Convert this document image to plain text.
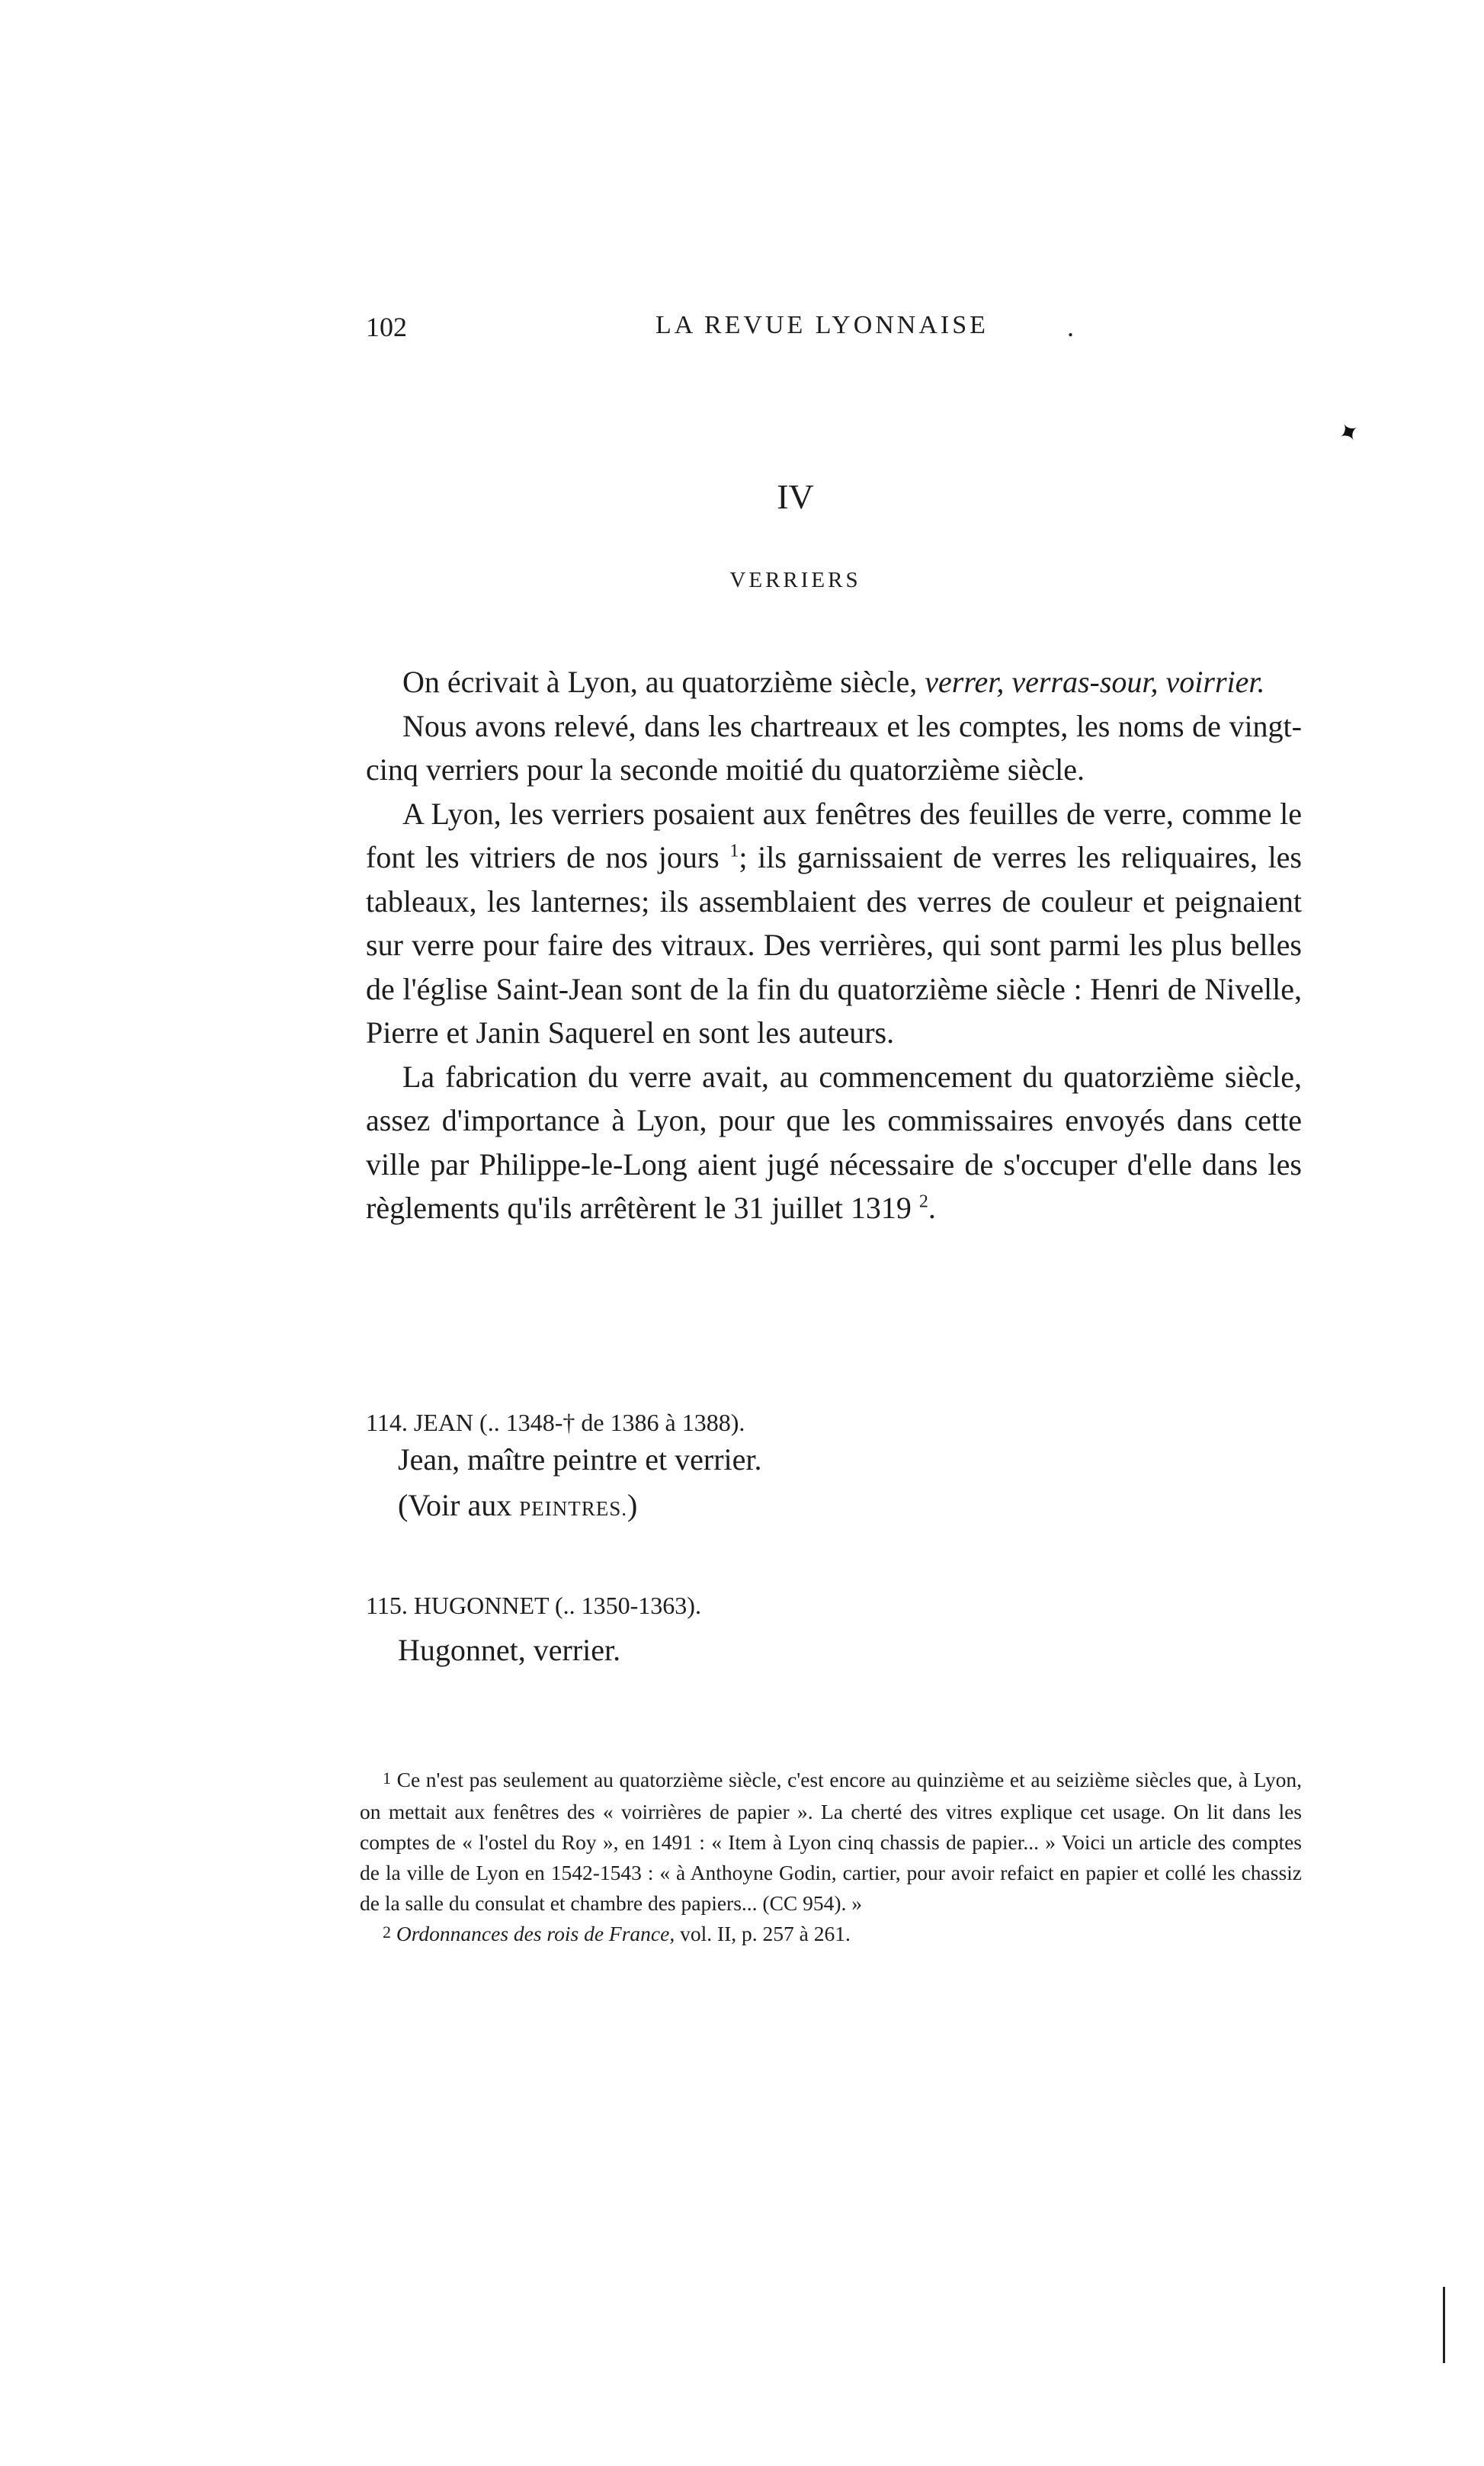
102	LA REVUE LYONNAISE	.
✦
IV
VERRIERS

On écrivait à Lyon, au quatorzième siècle, verrer, verras-sour, voirrier.

Nous avons relevé, dans les chartreaux et les comptes, les noms de vingt-cinq verriers pour la seconde moitié du quatorzième siècle.

A Lyon, les verriers posaient aux fenêtres des feuilles de verre, comme le font les vitriers de nos jours $^1$; ils garnissaient de verres les reliquaires, les tableaux, les lanternes; ils assemblaient des verres de couleur et peignaient sur verre pour faire des vitraux. Des verrières, qui sont parmi les plus belles de l'église Saint-Jean sont de la fin du quatorzième siècle : Henri de Nivelle, Pierre et Janin Saquerel en sont les auteurs.

La fabrication du verre avait, au commencement du quatorzième siècle, assez d'importance à Lyon, pour que les commissaires envoyés dans cette ville par Philippe-le-Long aient jugé nécessaire de s'occuper d'elle dans les règlements qu'ils arrêtèrent le 31 juillet 1319 $^2$.

114. JEAN (.. 1348-† de 1386 à 1388).

Jean, maître peintre et verrier.

(Voir aux PEINTRES.)

115. HUGONNET (.. 1350-1363).

Hugonnet, verrier.

1 Ce n'est pas seulement au quatorzième siècle, c'est encore au quinzième et au seizième siècles que, à Lyon, on mettait aux fenêtres des « voirrières de papier ». La cherté des vitres explique cet usage. On lit dans les comptes de « l'ostel du Roy », en 1491 : « Item à Lyon cinq chassis de papier... » Voici un article des comptes de la ville de Lyon en 1542-1543 : « à Anthoyne Godin, cartier, pour avoir refaict en papier et collé les chassiz de la salle du consulat et chambre des papiers... (CC 954). »

2 Ordonnances des rois de France, vol. II, p. 257 à 261.
